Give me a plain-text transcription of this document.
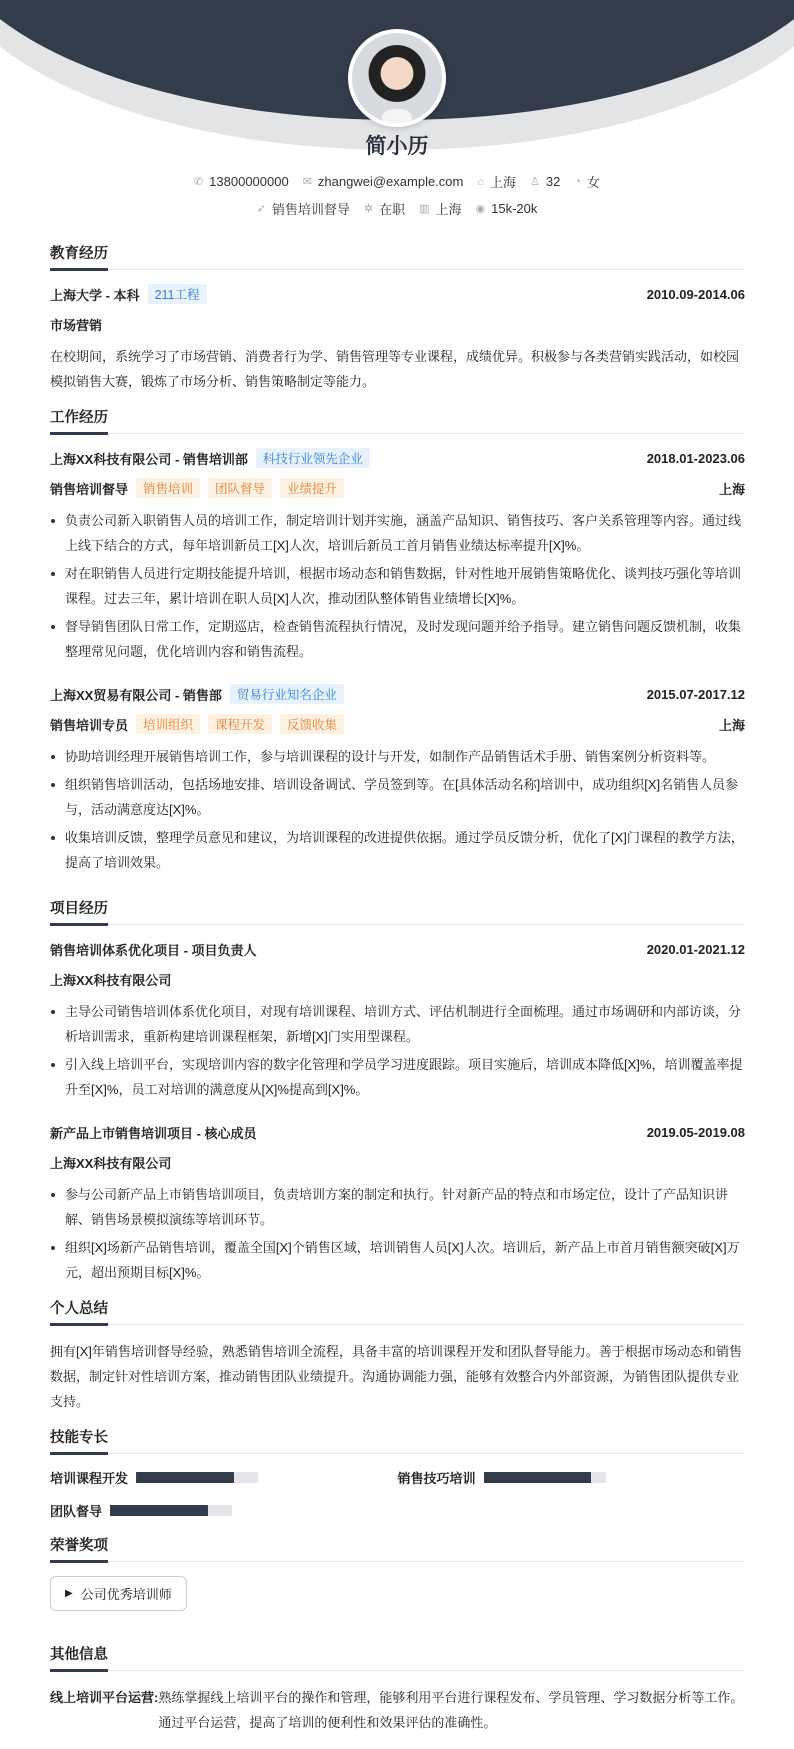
简小历
✆ 13800000000 ✉ zhangwei@example.com ⌂ 上海 ♙ 32 ◔ 女
➶ 销售培训督导 ✲ 在职 ▥ 上海 ◉ 15k-20k
教育经历
上海大学 - 本科	211工程	2010.09-2014.06
市场营销

在校期间，系统学习了市场营销、消费者行为学、销售管理等专业课程，成绩优异。积极参与各类营销实践活动，如校园模拟销售大赛，锻炼了市场分析、销售策略制定等能力。

工作经历
上海XX科技有限公司 - 销售培训部	科技行业领先企业	2018.01-2023.06
销售培训督导	销售培训	团队督导	业绩提升	上海
负责公司新入职销售人员的培训工作，制定培训计划并实施，涵盖产品知识、销售技巧、客户关系管理等内容。通过线上线下结合的方式，每年培训新员工[X]人次，培训后新员工首月销售业绩达标率提升[X]%。
对在职销售人员进行定期技能提升培训，根据市场动态和销售数据，针对性地开展销售策略优化、谈判技巧强化等培训课程。过去三年，累计培训在职人员[X]人次，推动团队整体销售业绩增长[X]%。
督导销售团队日常工作，定期巡店，检查销售流程执行情况，及时发现问题并给予指导。建立销售问题反馈机制，收集整理常见问题，优化培训内容和销售流程。
上海XX贸易有限公司 - 销售部	贸易行业知名企业	2015.07-2017.12
销售培训专员	培训组织	课程开发	反馈收集	上海
协助培训经理开展销售培训工作，参与培训课程的设计与开发，如制作产品销售话术手册、销售案例分析资料等。
组织销售培训活动，包括场地安排、培训设备调试、学员签到等。在[具体活动名称]培训中，成功组织[X]名销售人员参与，活动满意度达[X]%。
收集培训反馈，整理学员意见和建议，为培训课程的改进提供依据。通过学员反馈分析，优化了[X]门课程的教学方法，提高了培训效果。
项目经历
销售培训体系优化项目 - 项目负责人	2020.01-2021.12
上海XX科技有限公司
主导公司销售培训体系优化项目，对现有培训课程、培训方式、评估机制进行全面梳理。通过市场调研和内部访谈，分析培训需求，重新构建培训课程框架，新增[X]门实用型课程。
引入线上培训平台，实现培训内容的数字化管理和学员学习进度跟踪。项目实施后，培训成本降低[X]%，培训覆盖率提升至[X]%，员工对培训的满意度从[X]%提高到[X]%。
新产品上市销售培训项目 - 核心成员	2019.05-2019.08
上海XX科技有限公司
参与公司新产品上市销售培训项目，负责培训方案的制定和执行。针对新产品的特点和市场定位，设计了产品知识讲解、销售场景模拟演练等培训环节。
组织[X]场新产品销售培训，覆盖全国[X]个销售区域，培训销售人员[X]人次。培训后，新产品上市首月销售额突破[X]万元，超出预期目标[X]%。
个人总结

拥有[X]年销售培训督导经验，熟悉销售培训全流程，具备丰富的培训课程开发和团队督导能力。善于根据市场动态和销售数据，制定针对性培训方案，推动销售团队业绩提升。沟通协调能力强，能够有效整合内外部资源，为销售团队提供专业支持。

技能专长
培训课程开发	销售技巧培训
团队督导
荣誉奖项
▶ 公司优秀培训师
其他信息
线上培训平台运营: 熟练掌握线上培训平台的操作和管理，能够利用平台进行课程发布、学员管理、学习数据分析等工作。通过平台运营，提高了培训的便利性和效果评估的准确性。
